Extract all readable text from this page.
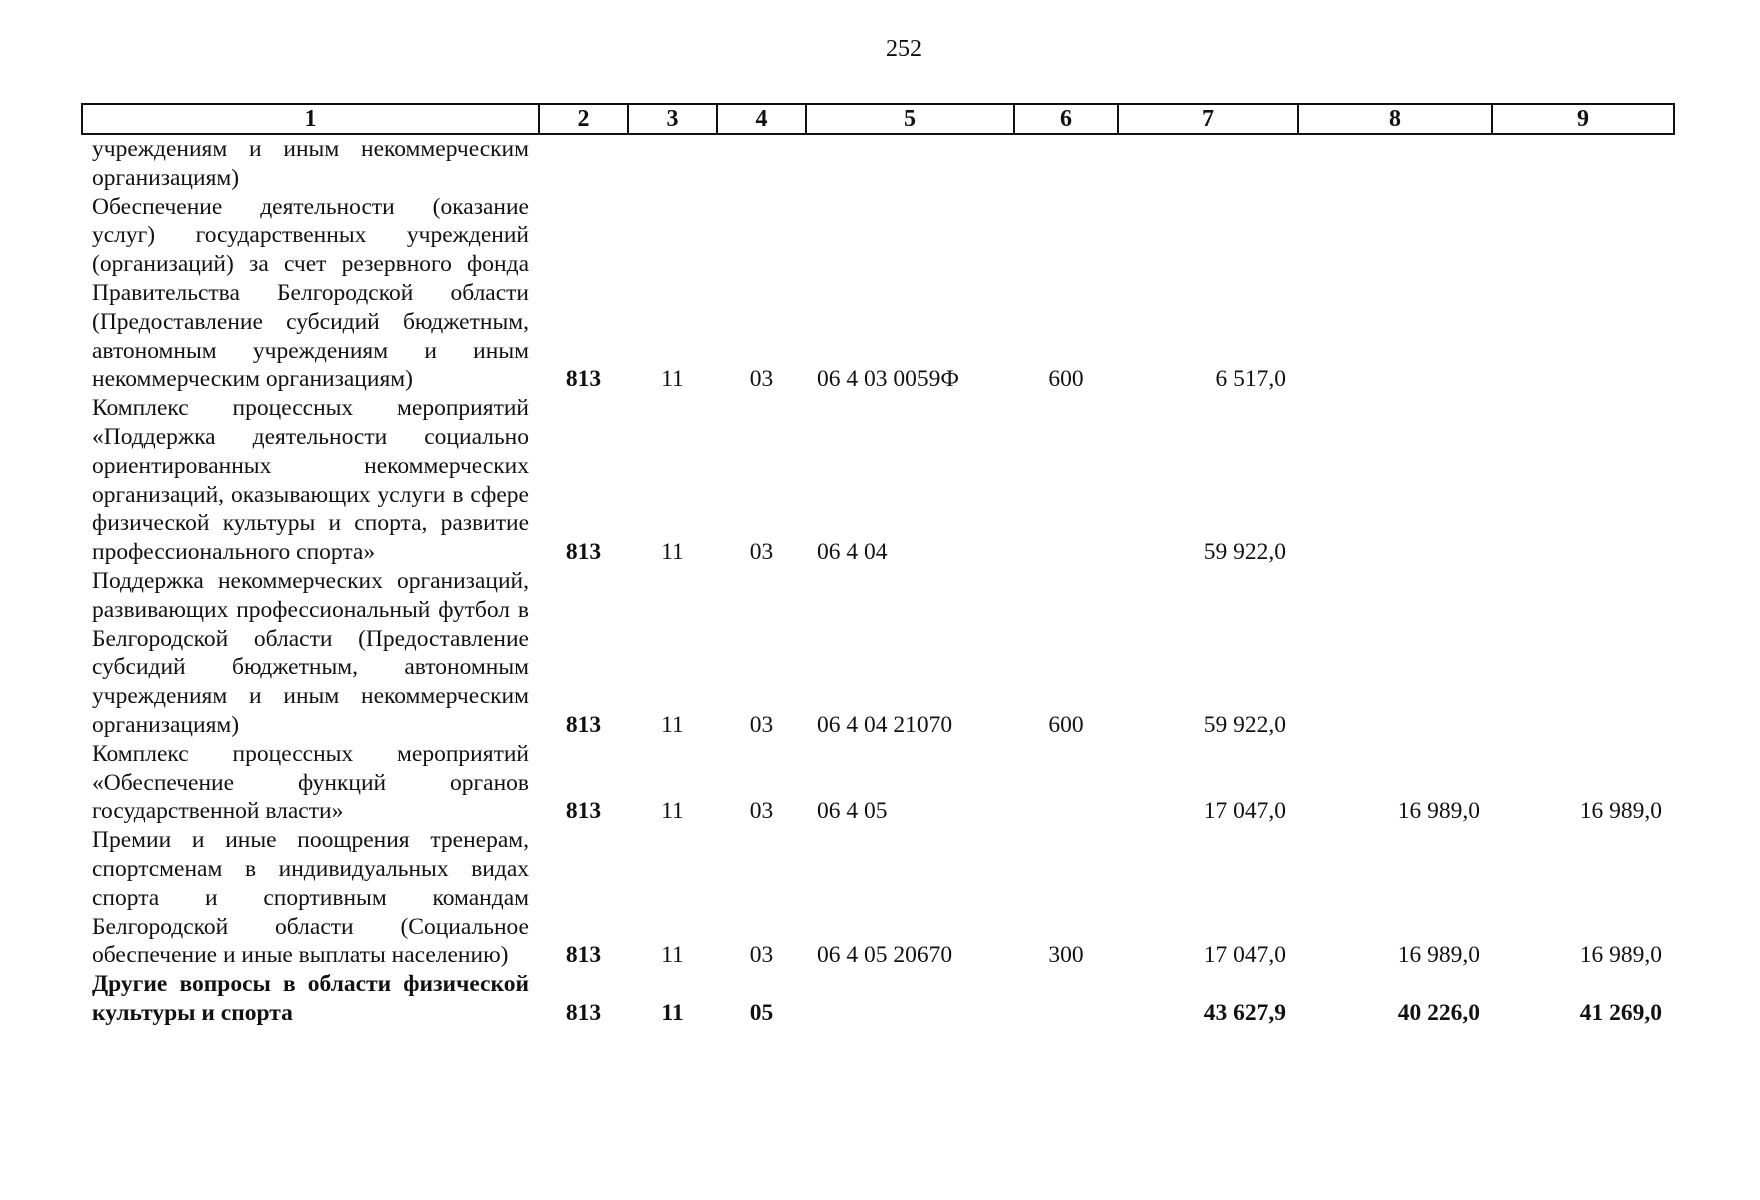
252
1	2	3	4	5	6	7	8	9
учреждениям и иным некоммерческим организациям)								
Обеспечение деятельности (оказание услуг) государственных учреждений (организаций) за счет резервного фонда Правительства Белгородской области (Предоставление субсидий бюджетным, автономным учреждениям и иным некоммерческим организациям)	813	11	03	06 4 03 0059Ф	600	6 517,0		
Комплекс процессных мероприятий «Поддержка деятельности социально ориентированных некоммерческих организаций, оказывающих услуги в сфере физической культуры и спорта, развитие профессионального спорта»	813	11	03	06 4 04		59 922,0		
Поддержка некоммерческих организаций, развивающих профессиональный футбол в Белгородской области (Предоставление субсидий бюджетным, автономным учреждениям и иным некоммерческим организациям)	813	11	03	06 4 04 21070	600	59 922,0		
Комплекс процессных мероприятий «Обеспечение функций органов государственной власти»	813	11	03	06 4 05		17 047,0	16 989,0	16 989,0
Премии и иные поощрения тренерам, спортсменам в индивидуальных видах спорта и спортивным командам Белгородской области (Социальное обеспечение и иные выплаты населению)	813	11	03	06 4 05 20670	300	17 047,0	16 989,0	16 989,0
Другие вопросы в области физической культуры и спорта	813	11	05			43 627,9	40 226,0	41 269,0
